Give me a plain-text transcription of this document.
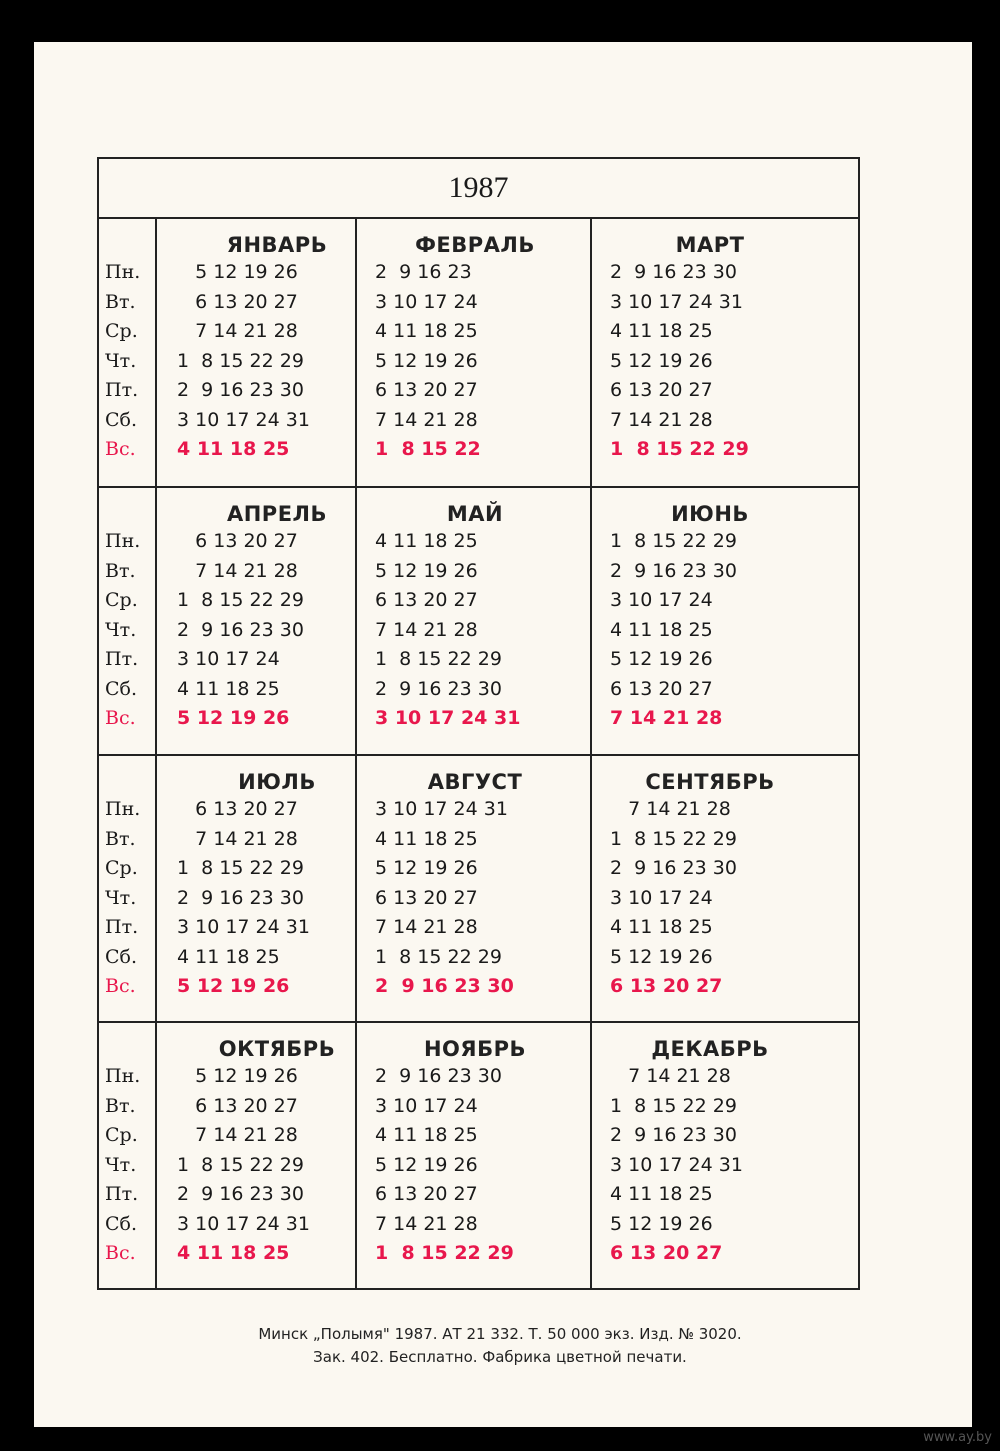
1987
Пн.
Вт.
Ср.
Чт.
Пт.
Сб.
Вс.
Пн.
Вт.
Ср.
Чт.
Пт.
Сб.
Вс.
Пн.
Вт.
Ср.
Чт.
Пт.
Сб.
Вс.
Пн.
Вт.
Ср.
Чт.
Пт.
Сб.
Вс.
ЯНВАРЬ
5 12 19 26
6 13 20 27
7 14 21 28
1  8 15 22 29
2  9 16 23 30
3 10 17 24 31
4 11 18 25
ФЕВРАЛЬ
2  9 16 23
3 10 17 24
4 11 18 25
5 12 19 26
6 13 20 27
7 14 21 28
1  8 15 22
МАРТ
2  9 16 23 30
3 10 17 24 31
4 11 18 25
5 12 19 26
6 13 20 27
7 14 21 28
1  8 15 22 29
АПРЕЛЬ
6 13 20 27
7 14 21 28
1  8 15 22 29
2  9 16 23 30
3 10 17 24
4 11 18 25
5 12 19 26
МАЙ
4 11 18 25
5 12 19 26
6 13 20 27
7 14 21 28
1  8 15 22 29
2  9 16 23 30
3 10 17 24 31
ИЮНЬ
1  8 15 22 29
2  9 16 23 30
3 10 17 24
4 11 18 25
5 12 19 26
6 13 20 27
7 14 21 28
ИЮЛЬ
6 13 20 27
7 14 21 28
1  8 15 22 29
2  9 16 23 30
3 10 17 24 31
4 11 18 25
5 12 19 26
АВГУСТ
3 10 17 24 31
4 11 18 25
5 12 19 26
6 13 20 27
7 14 21 28
1  8 15 22 29
2  9 16 23 30
СЕНТЯБРЬ
7 14 21 28
1  8 15 22 29
2  9 16 23 30
3 10 17 24
4 11 18 25
5 12 19 26
6 13 20 27
ОКТЯБРЬ
5 12 19 26
6 13 20 27
7 14 21 28
1  8 15 22 29
2  9 16 23 30
3 10 17 24 31
4 11 18 25
НОЯБРЬ
2  9 16 23 30
3 10 17 24
4 11 18 25
5 12 19 26
6 13 20 27
7 14 21 28
1  8 15 22 29
ДЕКАБРЬ
7 14 21 28
1  8 15 22 29
2  9 16 23 30
3 10 17 24 31
4 11 18 25
5 12 19 26
6 13 20 27
Минск „Полымя" 1987. АТ 21 332. Т. 50 000 экз. Изд. № 3020.
Зак. 402. Бесплатно. Фабрика цветной печати.
www.ay.by
